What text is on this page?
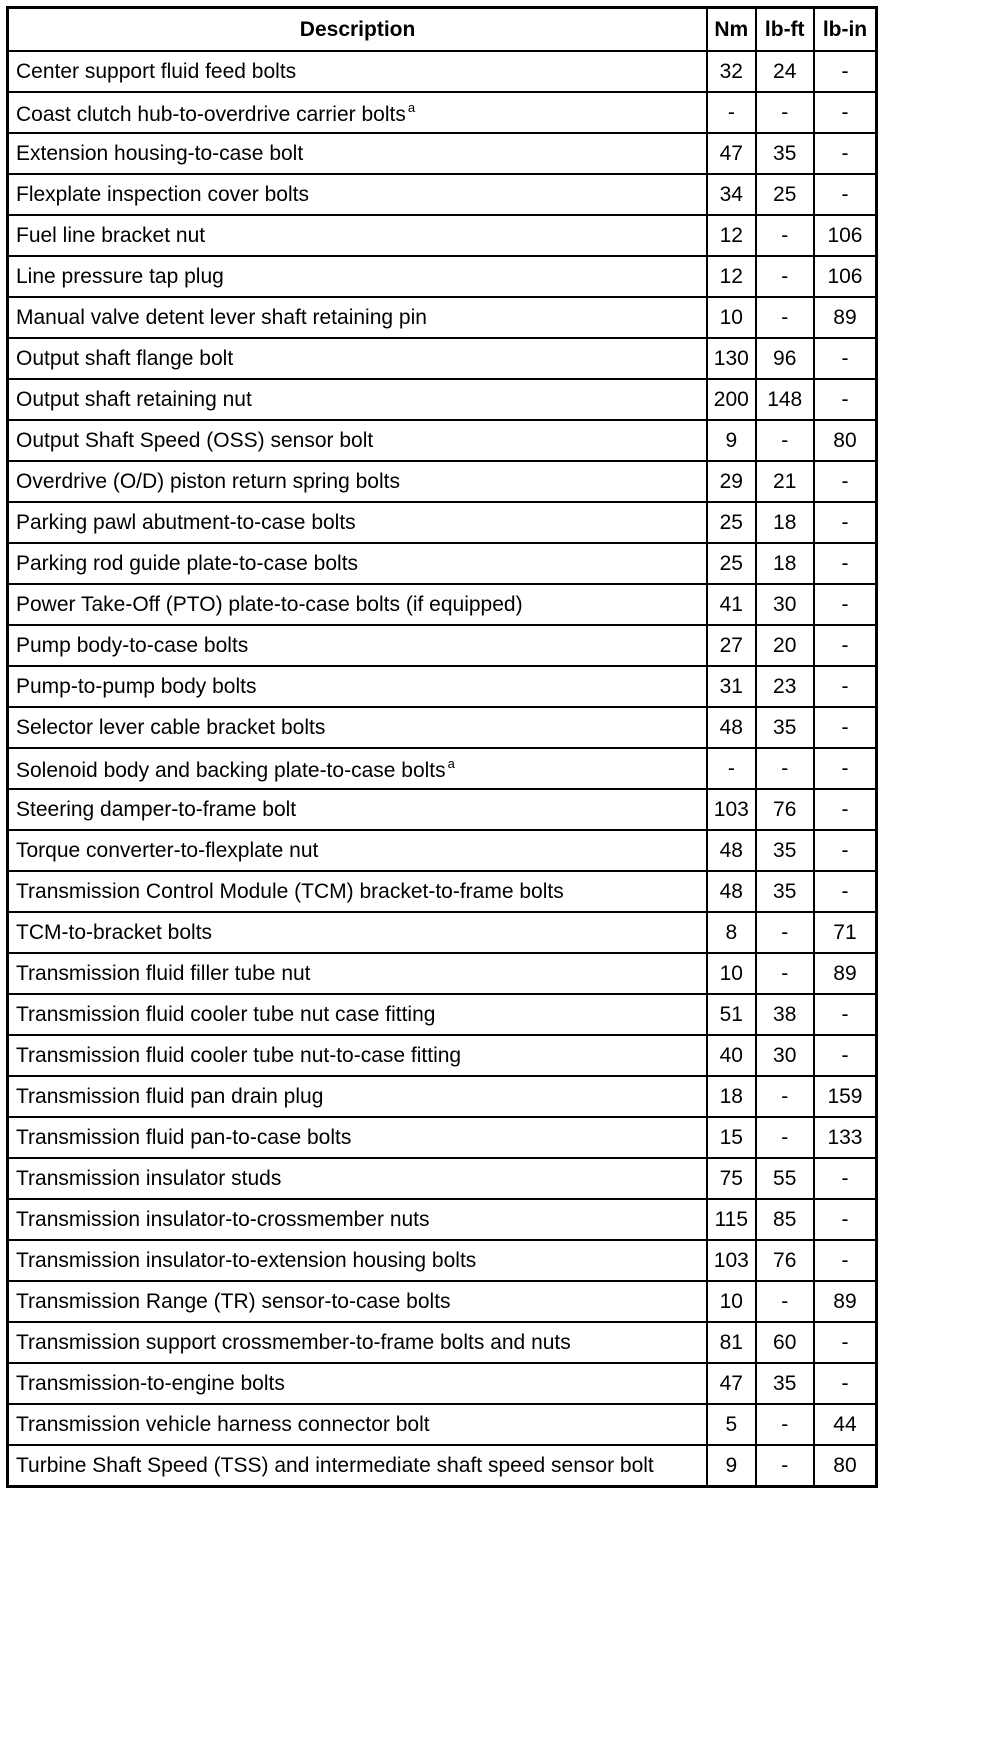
Description	Nm	lb-ft	lb-in
Center support fluid feed bolts	32	24	-
Coast clutch hub-to-overdrive carrier bolts $^a$	-	-	-
Extension housing-to-case bolt	47	35	-
Flexplate inspection cover bolts	34	25	-
Fuel line bracket nut	12	-	106
Line pressure tap plug	12	-	106
Manual valve detent lever shaft retaining pin	10	-	89
Output shaft flange bolt	130	96	-
Output shaft retaining nut	200	148	-
Output Shaft Speed (OSS) sensor bolt	9	-	80
Overdrive (O/D) piston return spring bolts	29	21	-
Parking pawl abutment-to-case bolts	25	18	-
Parking rod guide plate-to-case bolts	25	18	-
Power Take-Off (PTO) plate-to-case bolts (if equipped)	41	30	-
Pump body-to-case bolts	27	20	-
Pump-to-pump body bolts	31	23	-
Selector lever cable bracket bolts	48	35	-
Solenoid body and backing plate-to-case bolts $^a$	-	-	-
Steering damper-to-frame bolt	103	76	-
Torque converter-to-flexplate nut	48	35	-
Transmission Control Module (TCM) bracket-to-frame bolts	48	35	-
TCM-to-bracket bolts	8	-	71
Transmission fluid filler tube nut	10	-	89
Transmission fluid cooler tube nut case fitting	51	38	-
Transmission fluid cooler tube nut-to-case fitting	40	30	-
Transmission fluid pan drain plug	18	-	159
Transmission fluid pan-to-case bolts	15	-	133
Transmission insulator studs	75	55	-
Transmission insulator-to-crossmember nuts	115	85	-
Transmission insulator-to-extension housing bolts	103	76	-
Transmission Range (TR) sensor-to-case bolts	10	-	89
Transmission support crossmember-to-frame bolts and nuts	81	60	-
Transmission-to-engine bolts	47	35	-
Transmission vehicle harness connector bolt	5	-	44
Turbine Shaft Speed (TSS) and intermediate shaft speed sensor bolt	9	-	80
